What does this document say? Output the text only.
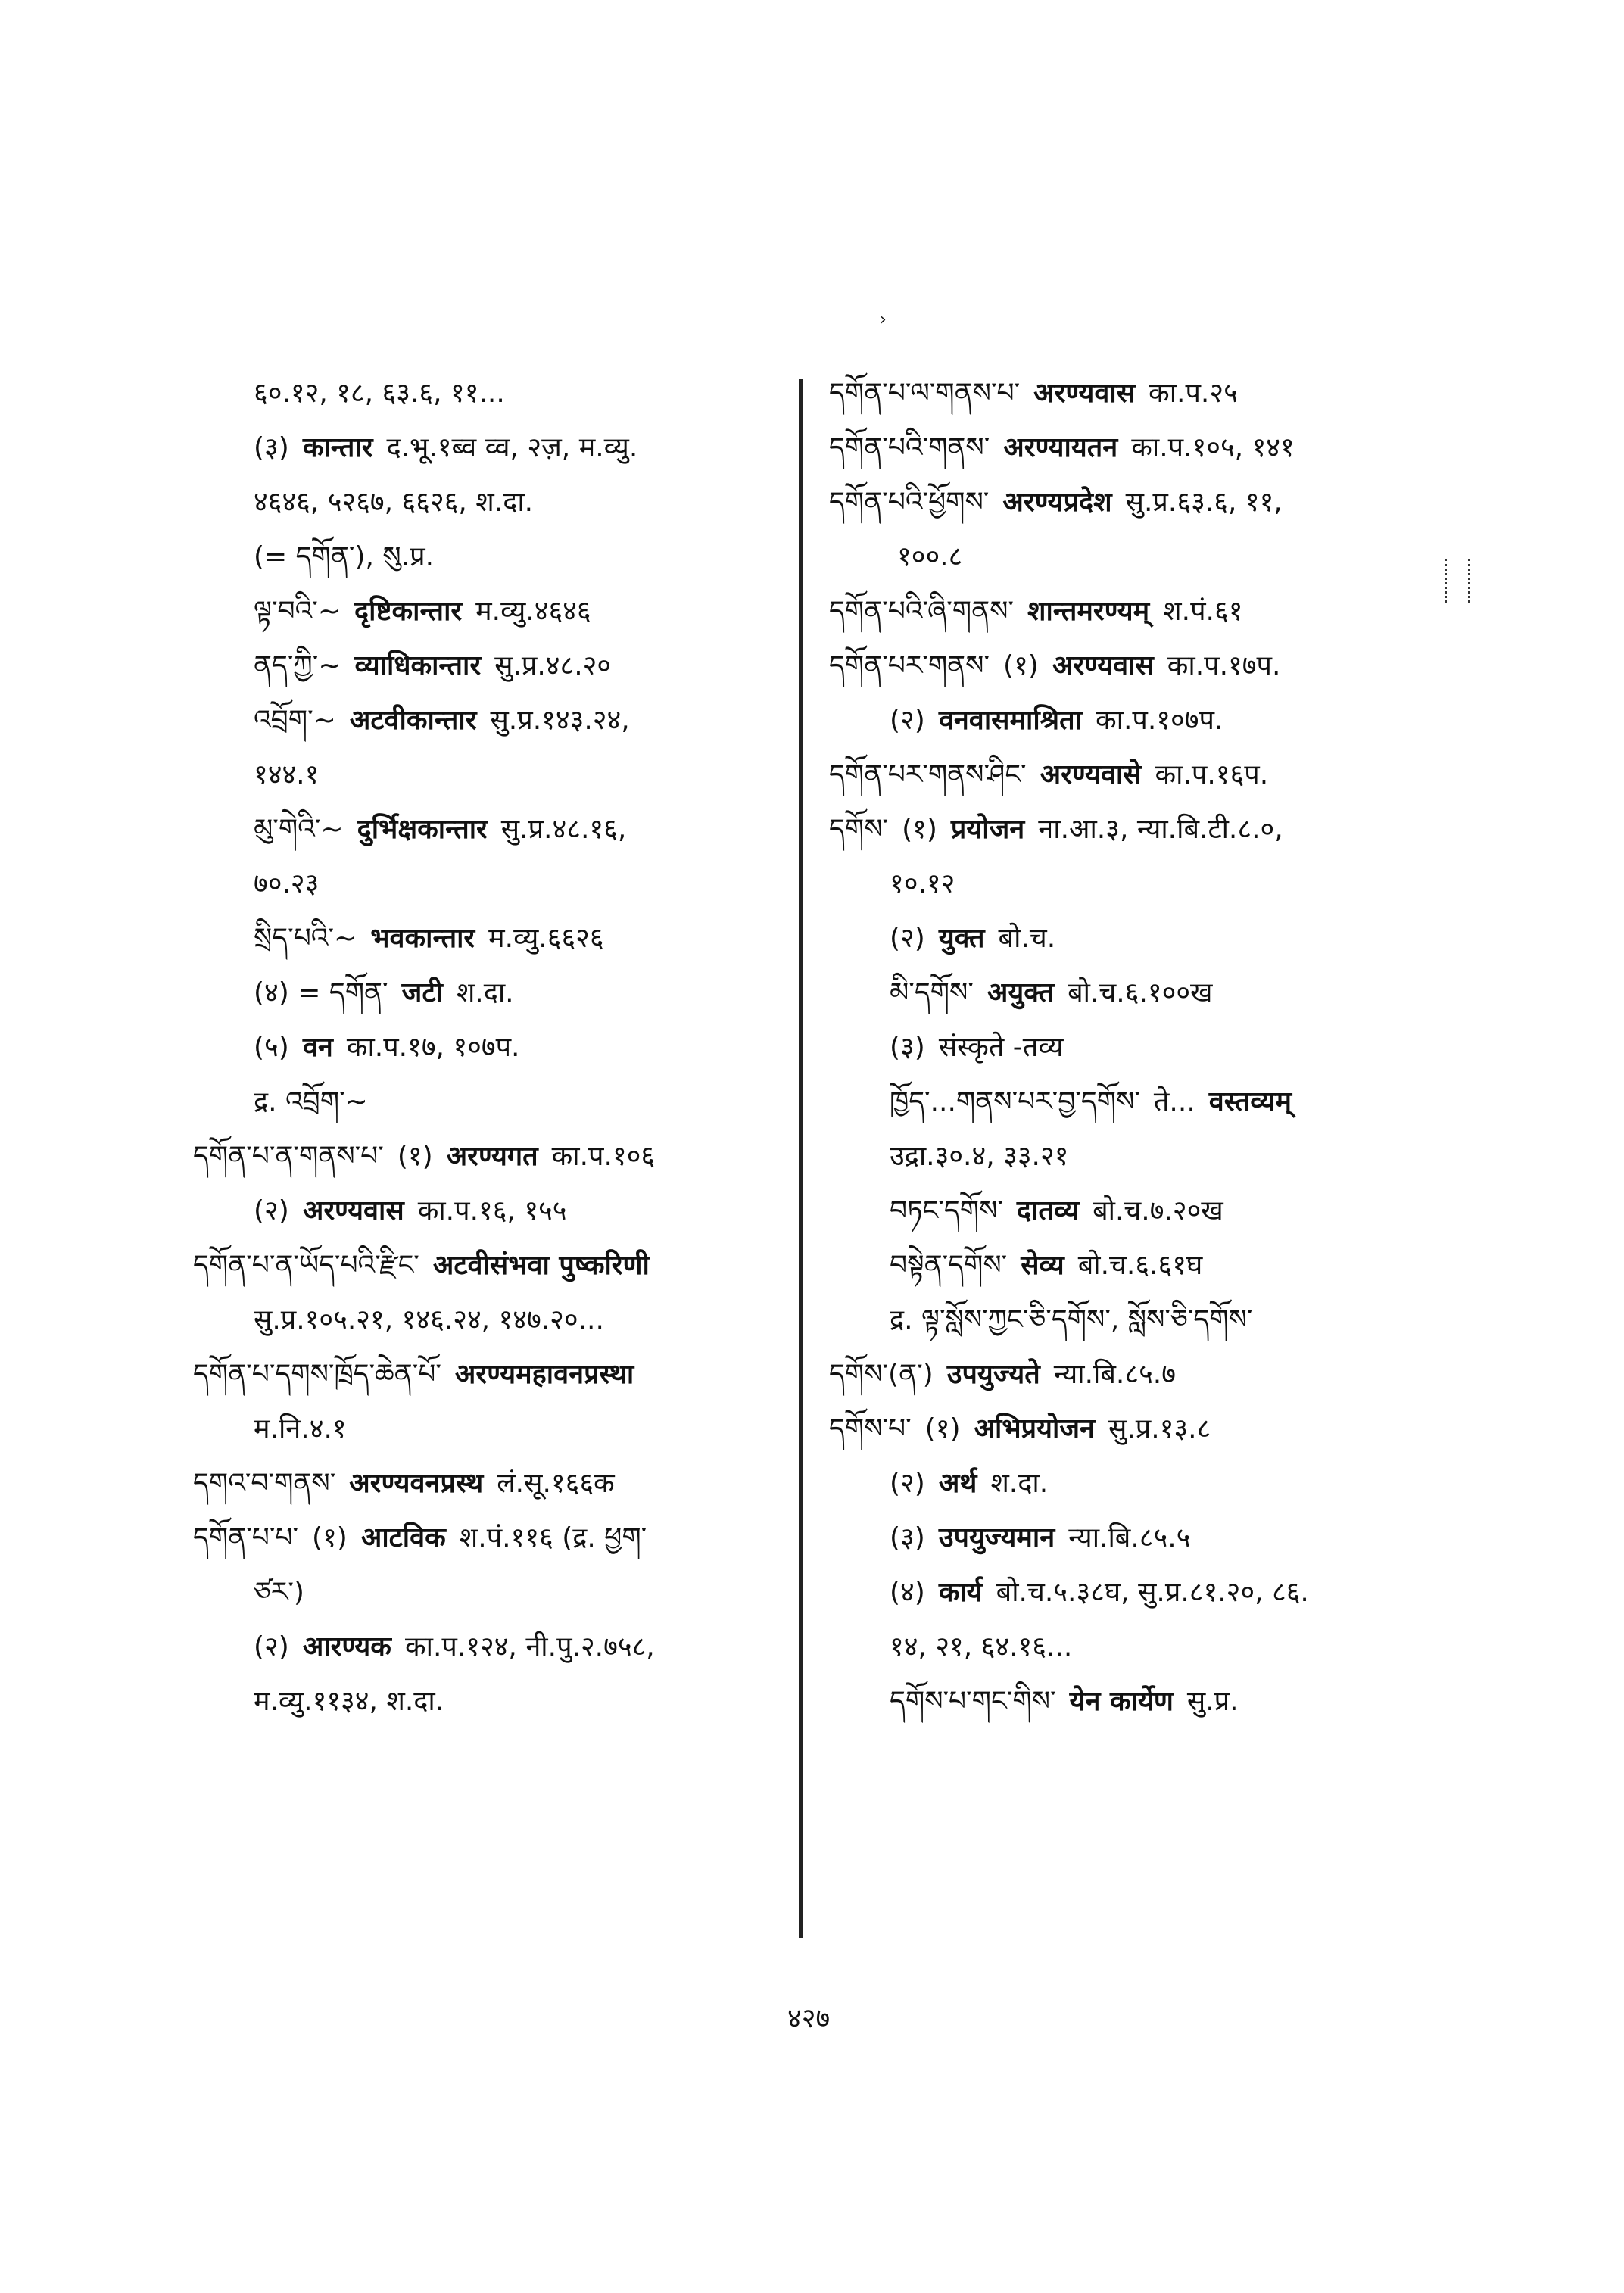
›
६०.१२, १८, ६३.६, ११...
(३) कान्तार द.भू.१ब्व व्व, २ज़, म.व्यु.
४६४६, ५२६७, ६६२६, श.दा.
(= དགོན་), སུ.प्र.
ལྟ་བའི་~ दृष्टिकान्तार म.व्यु.४६४६
ནད་ཀྱི་~ व्याधिकान्तार सु.प्र.४८.२०
འབྲོག་~ अटवीकान्तार सु.प्र.१४३.२४,
१४४.१
མུ་གེའི་~ दुर्भिक्षकान्तार सु.प्र.४८.१६,
७०.२३
སྲིད་པའི་~ भवकान्तार म.व्यु.६६२६
(४) = དགོན་ जटी श.दा.
(५) वन का.प.१७, १०७प.
द्र. འབྲོག་~
དགོན་པ་ན་གནས་པ་ (१) अरण्यगत का.प.१०६
(२) अरण्यवास का.प.१६, १५५
དགོན་པ་ན་ཡོད་པའི་རྫིང་ अटवीसंभवा पुष्करिणी
सु.प्र.१०५.२१, १४६.२४, १४७.२०...
དགོན་པ་དགས་ཁྲོད་ཆེན་པོ་ अरण्यमहावनप्रस्था
म.नि.४.१
དགའ་བ་གནས་ अरण्यवनप्रस्थ लं.सू.१६६क
དགོན་པ་པ་ (१) आटविक श.पं.११६ (द्र. ཕྱག་
ཙར་)
(२) आरण्यक का.प.१२४, नी.पु.२.७५८,
म.व्यु.११३४, श.दा.
དགོན་པ་ལ་གནས་པ་ अरण्यवास का.प.२५
དགོན་པའི་གནས་ अरण्यायतन का.प.१०५, १४१
དགོན་པའི་ཕྱོགས་ अरण्यप्रदेश सु.प्र.६३.६, ११,
१००.८
དགོན་པའི་ཞི་གནས་ शान्तमरण्यम् श.पं.६१
དགོན་པར་གནས་ (१) अरण्यवास का.प.१७प.
(२) वनवासमाश्रिता का.प.१०७प.
དགོན་པར་གནས་ཤིང་ अरण्यवासे का.प.१६प.
དགོས་ (१) प्रयोजन ना.आ.३, न्या.बि.टी.८.०,
१०.१२
(२) युक्त बो.च.
མི་དགོས་ अयुक्त बो.च.६.१००ख
(३) संस्कृते -तव्य
ཁྱོད་...གནས་པར་བྱ་དགོས་ ते... वस्तव्यम्
उद्रा.३०.४, ३३.२१
བཏང་དགོས་ दातव्य बो.च.७.२०ख
བསྟེན་དགོས་ सेव्य बो.च.६.६१घ
द्र. ལྟ་སློས་ཀྱང་ཅི་དགོས་, སློས་ཅི་དགོས་
དགོས་(ན་) उपयुज्यते न्या.बि.८५.७
དགོས་པ་ (१) अभिप्रयोजन सु.प्र.१३.८
(२) अर्थ श.दा.
(३) उपयुज्यमान न्या.बि.८५.५
(४) कार्य बो.च.५.३८घ, सु.प्र.८१.२०, ८६.
१४, २१, ६४.१६...
དགོས་པ་གང་གིས་ येन कार्येण सु.प्र.
४२७
